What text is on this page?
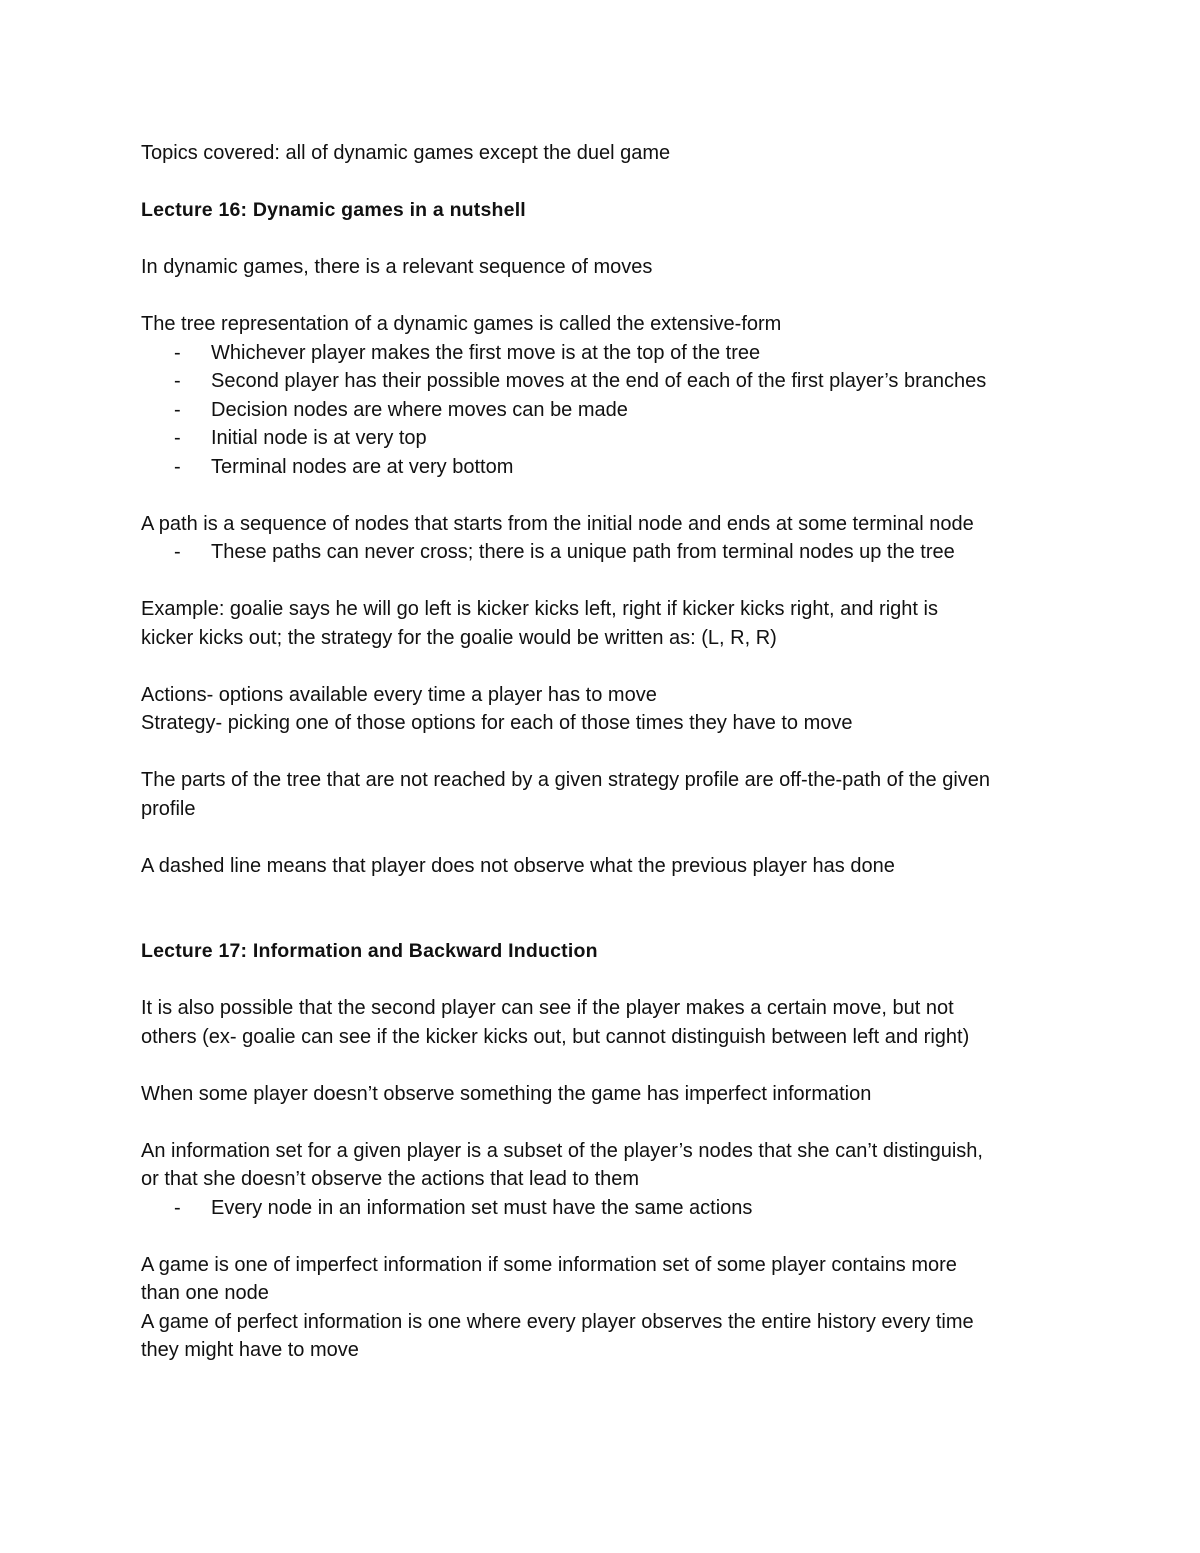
Topics covered: all of dynamic games except the duel game

Lecture 16: Dynamic games in a nutshell

In dynamic games, there is a relevant sequence of moves

The tree representation of a dynamic games is called the extensive-form

- Whichever player makes the first move is at the top of the tree
- Second player has their possible moves at the end of each of the first player’s branches
- Decision nodes are where moves can be made
- Initial node is at very top
- Terminal nodes are at very bottom

A path is a sequence of nodes that starts from the initial node and ends at some terminal node

- These paths can never cross; there is a unique path from terminal nodes up the tree

Example: goalie says he will go left is kicker kicks left, right if kicker kicks right, and right is

kicker kicks out; the strategy for the goalie would be written as: (L, R, R)

Actions- options available every time a player has to move

Strategy- picking one of those options for each of those times they have to move

The parts of the tree that are not reached by a given strategy profile are off-the-path of the given

profile

A dashed line means that player does not observe what the previous player has done

Lecture 17: Information and Backward Induction

It is also possible that the second player can see if the player makes a certain move, but not

others (ex- goalie can see if the kicker kicks out, but cannot distinguish between left and right)

When some player doesn’t observe something the game has imperfect information

An information set for a given player is a subset of the player’s nodes that she can’t distinguish,

or that she doesn’t observe the actions that lead to them

- Every node in an information set must have the same actions

A game is one of imperfect information if some information set of some player contains more

than one node

A game of perfect information is one where every player observes the entire history every time

they might have to move
